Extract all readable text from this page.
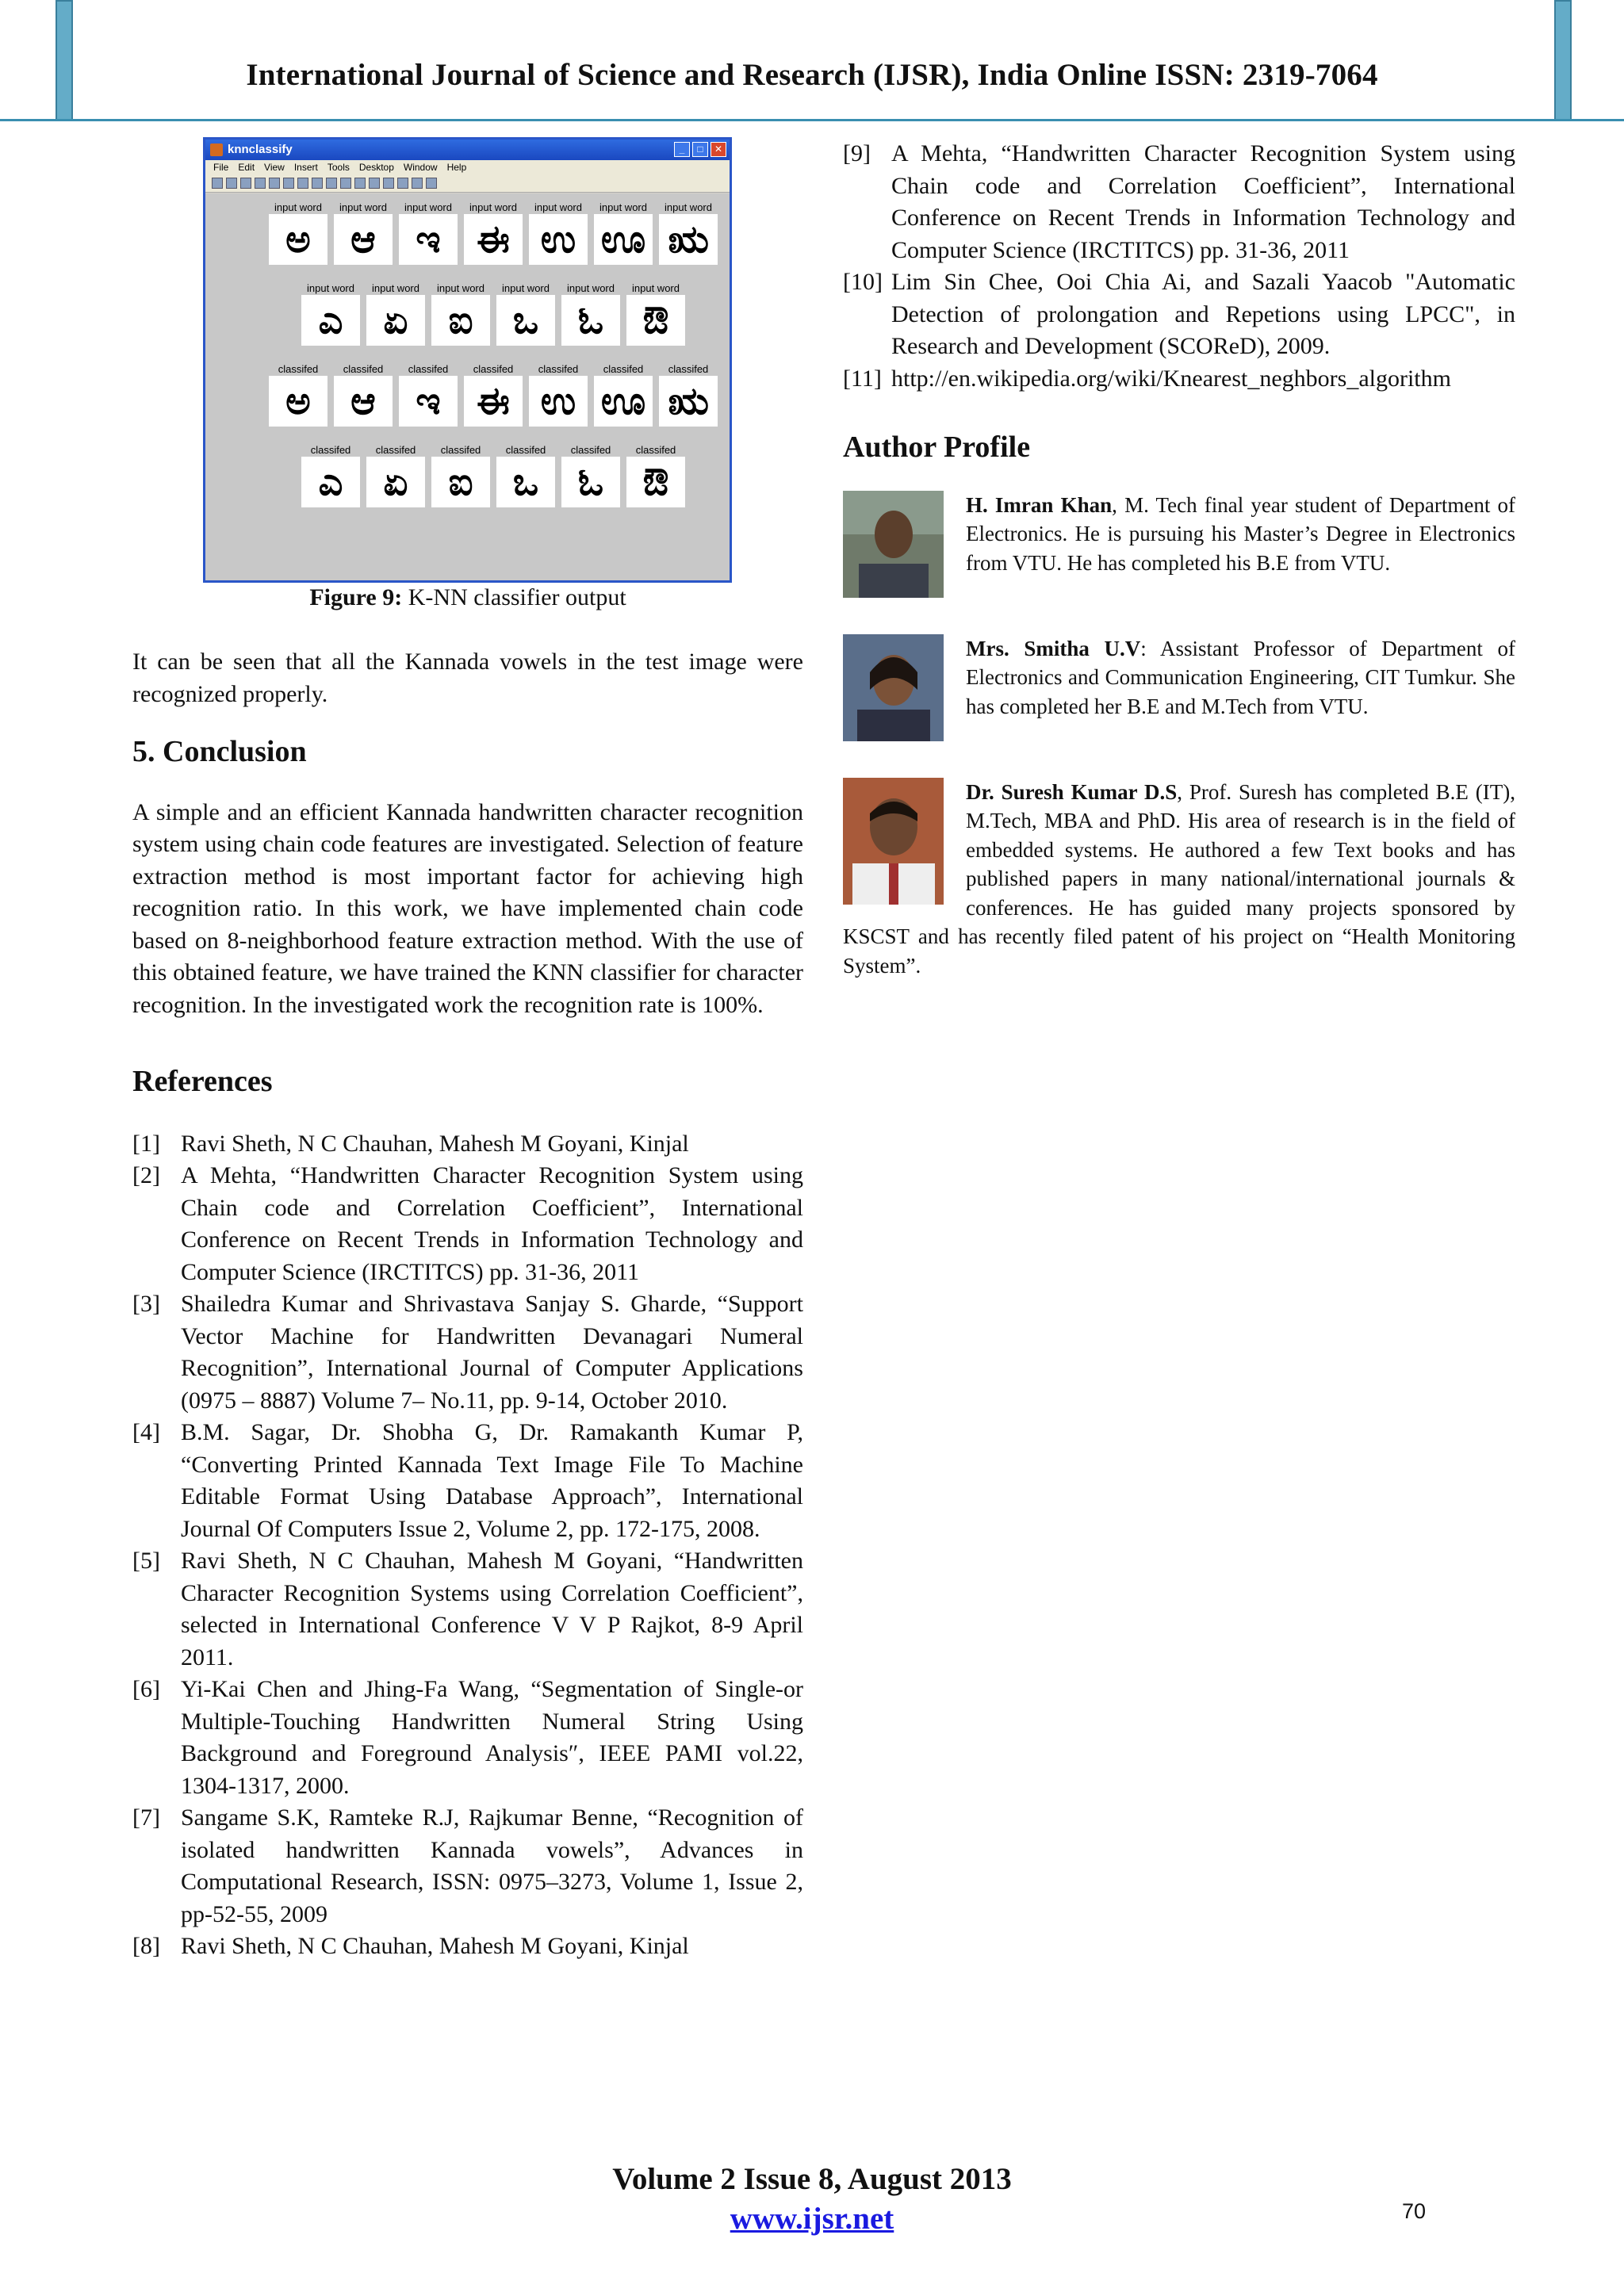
International Journal of Science and Research (IJSR), India Online ISSN: 2319-7064
knnclassify	_	□	✕
File Edit View Insert Tools Desktop Window Help
input word
ಅ
input word
ಆ
input word
ಇ
input word
ಈ
input word
ಉ
input word
ಊ
input word
ಋ
input word
ಎ
input word
ಏ
input word
ಐ
input word
ಒ
input word
ಓ
input word
ಔ
classifed
ಅ
classifed
ಆ
classifed
ಇ
classifed
ಈ
classifed
ಉ
classifed
ಊ
classifed
ಋ
classifed
ಎ
classifed
ಏ
classifed
ಐ
classifed
ಒ
classifed
ಓ
classifed
ಔ
Figure 9: K-NN classifier output

It can be seen that all the Kannada vowels in the test image were recognized properly.

5. Conclusion

A simple and an efficient Kannada handwritten character recognition system using chain code features are investigated. Selection of feature extraction method is most important factor for achieving high recognition ratio. In this work, we have implemented chain code based on 8-neighborhood feature extraction method. With the use of this obtained feature, we have trained the KNN classifier for character recognition. In the investigated work the recognition rate is 100%.

References
[1] Ravi Sheth, N C Chauhan, Mahesh M Goyani, Kinjal
[2] A Mehta, “Handwritten Character Recognition System using Chain code and Correlation Coefficient”, International Conference on Recent Trends in Information Technology and Computer Science (IRCTITCS) pp. 31-36, 2011
[3] Shailedra Kumar and Shrivastava Sanjay S. Gharde, “Support Vector Machine for Handwritten Devanagari Numeral Recognition”, International Journal of Computer Applications (0975 – 8887) Volume 7– No.11, pp. 9-14, October 2010.
[4] B.M. Sagar, Dr. Shobha G, Dr. Ramakanth Kumar P, “Converting Printed Kannada Text Image File To Machine Editable Format Using Database Approach”, International Journal Of Computers Issue 2, Volume 2, pp. 172-175, 2008.
[5] Ravi Sheth, N C Chauhan, Mahesh M Goyani, “Handwritten Character Recognition Systems using Correlation Coefficient”, selected in International Conference V V P Rajkot, 8-9 April 2011.
[6] Yi-Kai Chen and Jhing-Fa Wang, “Segmentation of Single-or Multiple-Touching Handwritten Numeral String Using Background and Foreground Analysis″, IEEE PAMI vol.22, 1304-1317, 2000.
[7] Sangame S.K, Ramteke R.J, Rajkumar Benne, “Recognition of isolated handwritten Kannada vowels”, Advances in Computational Research, ISSN: 0975–3273, Volume 1, Issue 2, pp-52-55, 2009
[8] Ravi Sheth, N C Chauhan, Mahesh M Goyani, Kinjal
[9] A Mehta, “Handwritten Character Recognition System using Chain code and Correlation Coefficient”, International Conference on Recent Trends in Information Technology and Computer Science (IRCTITCS) pp. 31-36, 2011
[10] Lim Sin Chee, Ooi Chia Ai, and Sazali Yaacob "Automatic Detection of prolongation and Repetions using LPCC", in Research and Development (SCOReD), 2009.
[11] http://en.wikipedia.org/wiki/Knearest_neghbors_algorithm
Author Profile
H. Imran Khan, M. Tech final year student of Department of Electronics. He is pursuing his Master’s Degree in Electronics from VTU. He has completed his B.E from VTU.
Mrs. Smitha U.V: Assistant Professor of Department of Electronics and Communication Engineering, CIT Tumkur. She has completed her B.E and M.Tech from VTU.
Dr. Suresh Kumar D.S, Prof. Suresh has completed B.E (IT), M.Tech, MBA and PhD. His area of research is in the field of embedded systems. He authored a few Text books and has published papers in many national/international journals & conferences. He has guided many projects sponsored by KSCST and has recently filed patent of his project on “Health Monitoring System”.
Volume 2 Issue 8, August 2013
www.ijsr.net	70
